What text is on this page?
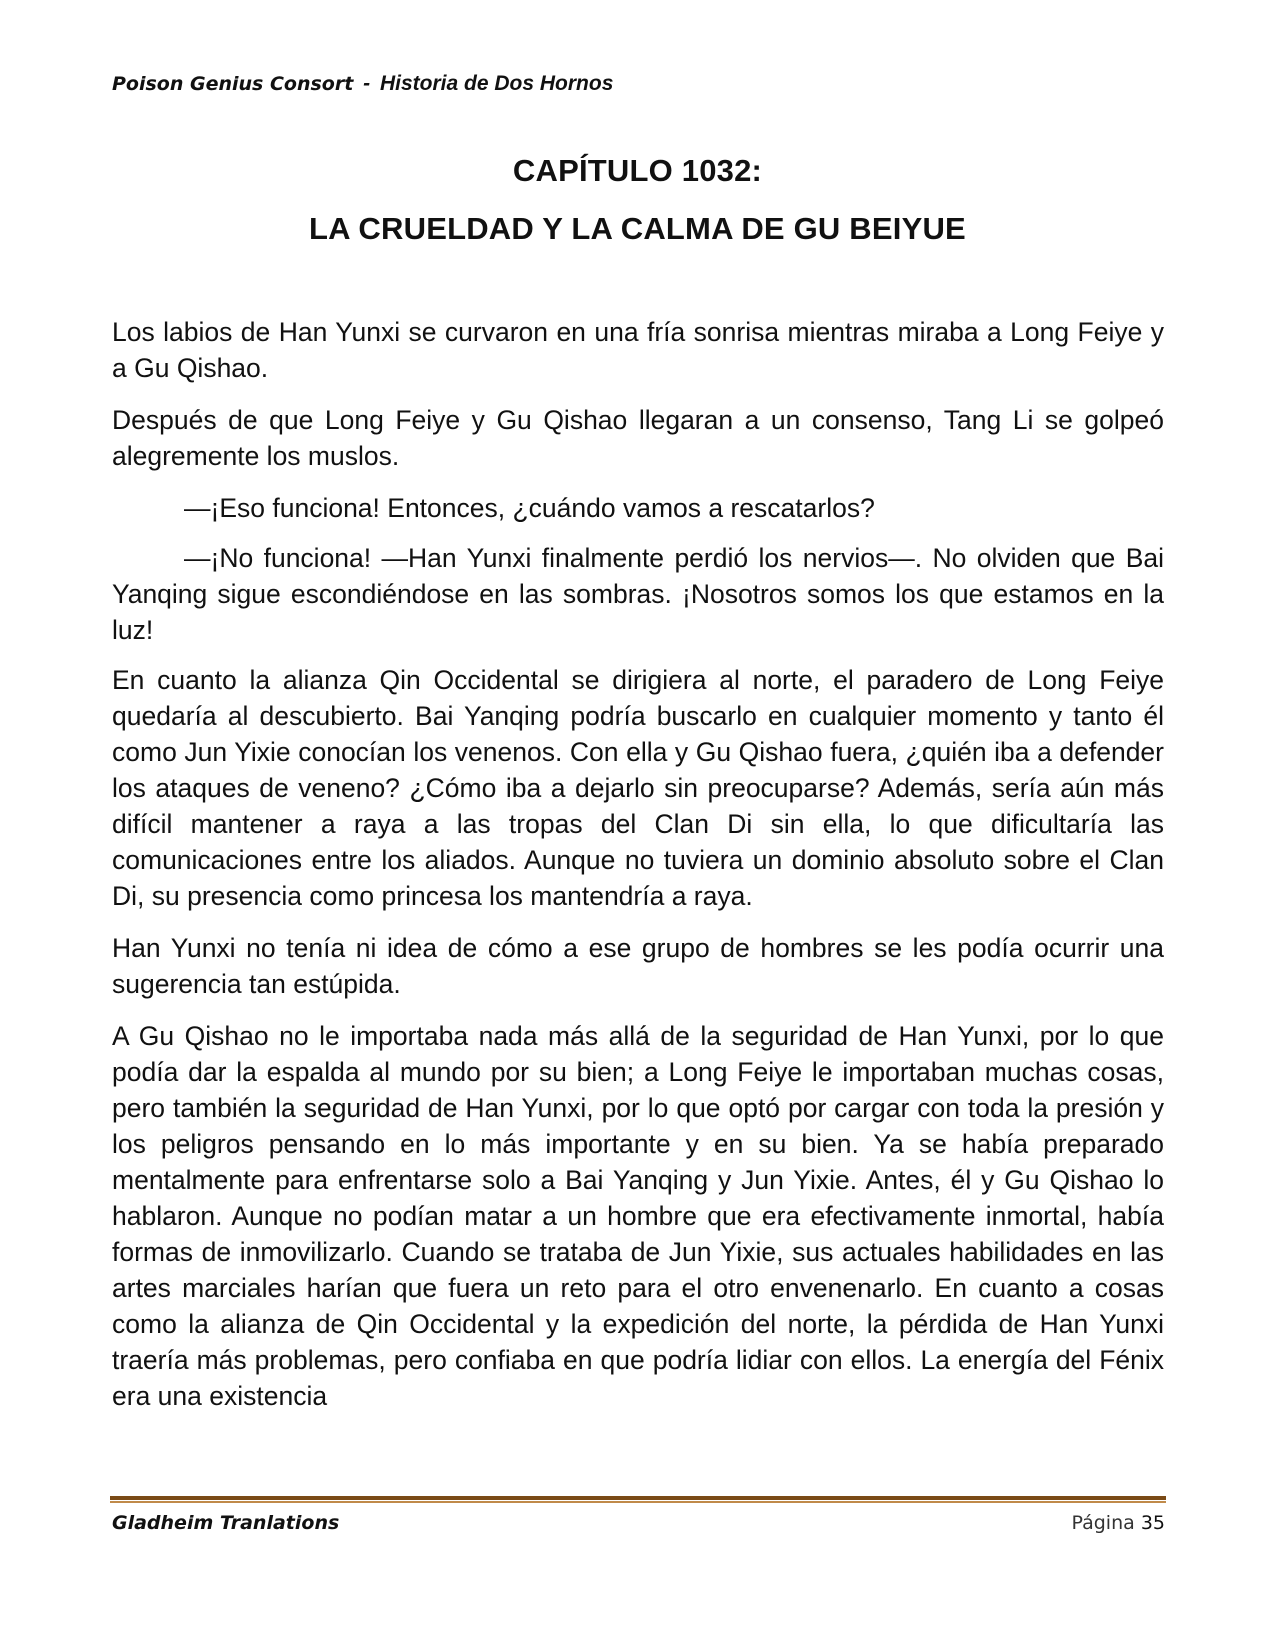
Poison Genius Consort - Historia de Dos Hornos
CAPÍTULO 1032:
LA CRUELDAD Y LA CALMA DE GU BEIYUE

Los labios de Han Yunxi se curvaron en una fría sonrisa mientras miraba a Long Feiye y a Gu Qishao.

Después de que Long Feiye y Gu Qishao llegaran a un consenso, Tang Li se golpeó alegremente los muslos.

—¡Eso funciona! Entonces, ¿cuándo vamos a rescatarlos?

—¡No funciona! —Han Yunxi finalmente perdió los nervios—. No olviden que Bai Yanqing sigue escondiéndose en las sombras. ¡Nosotros somos los que estamos en la luz!

En cuanto la alianza Qin Occidental se dirigiera al norte, el paradero de Long Feiye quedaría al descubierto. Bai Yanqing podría buscarlo en cualquier momento y tanto él como Jun Yixie conocían los venenos. Con ella y Gu Qishao fuera, ¿quién iba a defender los ataques de veneno? ¿Cómo iba a dejarlo sin preocuparse? Además, sería aún más difícil mantener a raya a las tropas del Clan Di sin ella, lo que dificultaría las comunicaciones entre los aliados. Aunque no tuviera un dominio absoluto sobre el Clan Di, su presencia como princesa los mantendría a raya.

Han Yunxi no tenía ni idea de cómo a ese grupo de hombres se les podía ocurrir una sugerencia tan estúpida.

A Gu Qishao no le importaba nada más allá de la seguridad de Han Yunxi, por lo que podía dar la espalda al mundo por su bien; a Long Feiye le importaban muchas cosas, pero también la seguridad de Han Yunxi, por lo que optó por cargar con toda la presión y los peligros pensando en lo más importante y en su bien. Ya se había preparado mentalmente para enfrentarse solo a Bai Yanqing y Jun Yixie. Antes, él y Gu Qishao lo hablaron. Aunque no podían matar a un hombre que era efectivamente inmortal, había formas de inmovilizarlo. Cuando se trataba de Jun Yixie, sus actuales habilidades en las artes marciales harían que fuera un reto para el otro envenenarlo. En cuanto a cosas como la alianza de Qin Occidental y la expedición del norte, la pérdida de Han Yunxi traería más problemas, pero confiaba en que podría lidiar con ellos. La energía del Fénix era una existencia

Gladheim Tranlations	Página 35
